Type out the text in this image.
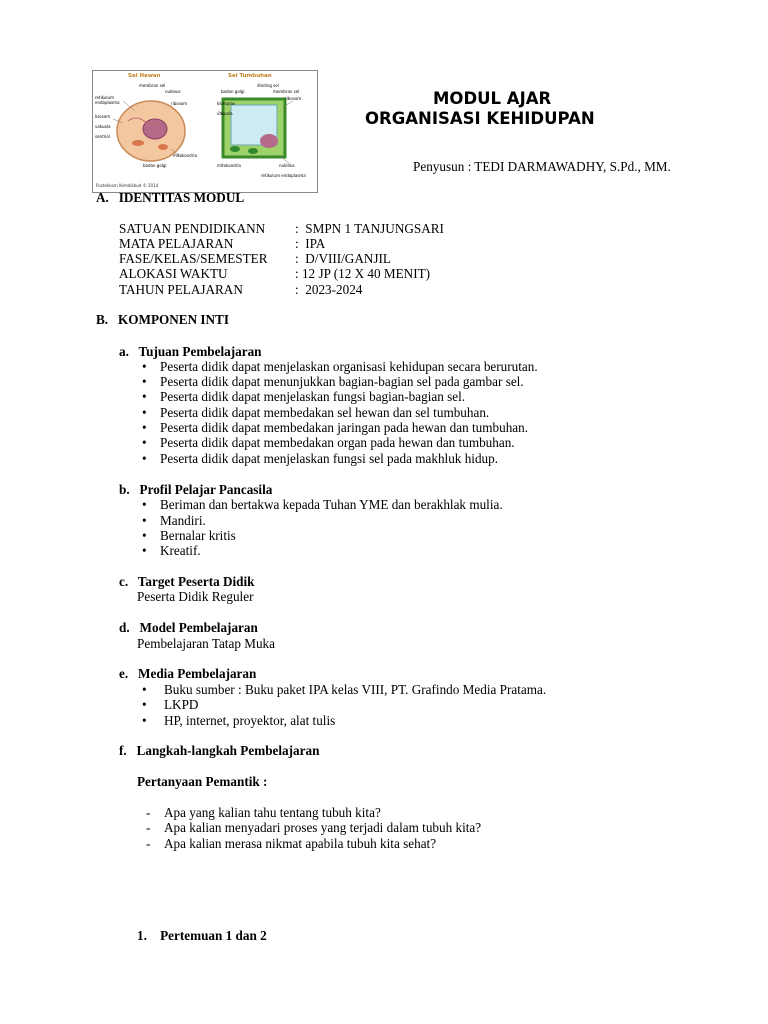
Sel Hewan	Sel Tumbuhan
Pustekkom Kemdikbud © 2014
membran sel
nukleus
retikulum endoplasma	ribosom
lisosom
vakuola
sentriol
mitokondria
badan golgi
dinding sel
membran sel
badan golgi
ribosom
kloroplas
vakuola
mitokondria	nukleus
retikulum endoplasma
MODUL AJAR
ORGANISASI KEHIDUPAN
Penyusun : TEDI DARMAWADHY, S.Pd., MM.
A.   IDENTITAS MODUL
SATUAN PENDIDIKANN :  SMPN 1 TANJUNGSARI
MATA PELAJARAN	:  IPA
FASE/KELAS/SEMESTER :  D/VIII/GANJIL
ALOKASI WAKTU	: 12 JP (12 X 40 MENIT)
TAHUN PELAJARAN	:  2023-2024
B.   KOMPONEN INTI
a.   Tujuan Pembelajaran
• Peserta didik dapat menjelaskan organisasi kehidupan secara berurutan.
• Peserta didik dapat menunjukkan bagian-bagian sel pada gambar sel.
• Peserta didik dapat menjelaskan fungsi bagian-bagian sel.
• Peserta didik dapat membedakan sel hewan dan sel tumbuhan.
• Peserta didik dapat membedakan jaringan pada hewan dan tumbuhan.
• Peserta didik dapat membedakan organ pada hewan dan tumbuhan.
• Peserta didik dapat menjelaskan fungsi sel pada makhluk hidup.
b.   Profil Pelajar Pancasila
• Beriman dan bertakwa kepada Tuhan YME dan berakhlak mulia.
• Mandiri.
• Bernalar kritis
• Kreatif.
c.   Target Peserta Didik
Peserta Didik Reguler
d.   Model Pembelajaran
Pembelajaran Tatap Muka
e.   Media Pembelajaran
• Buku sumber : Buku paket IPA kelas VIII, PT. Grafindo Media Pratama.
• LKPD
• HP, internet, proyektor, alat tulis
f.   Langkah-langkah Pembelajaran
Pertanyaan Pemantik :
- Apa yang kalian tahu tentang tubuh kita?
- Apa kalian menyadari proses yang terjadi dalam tubuh kita?
- Apa kalian merasa nikmat apabila tubuh kita sehat?
1.    Pertemuan 1 dan 2
